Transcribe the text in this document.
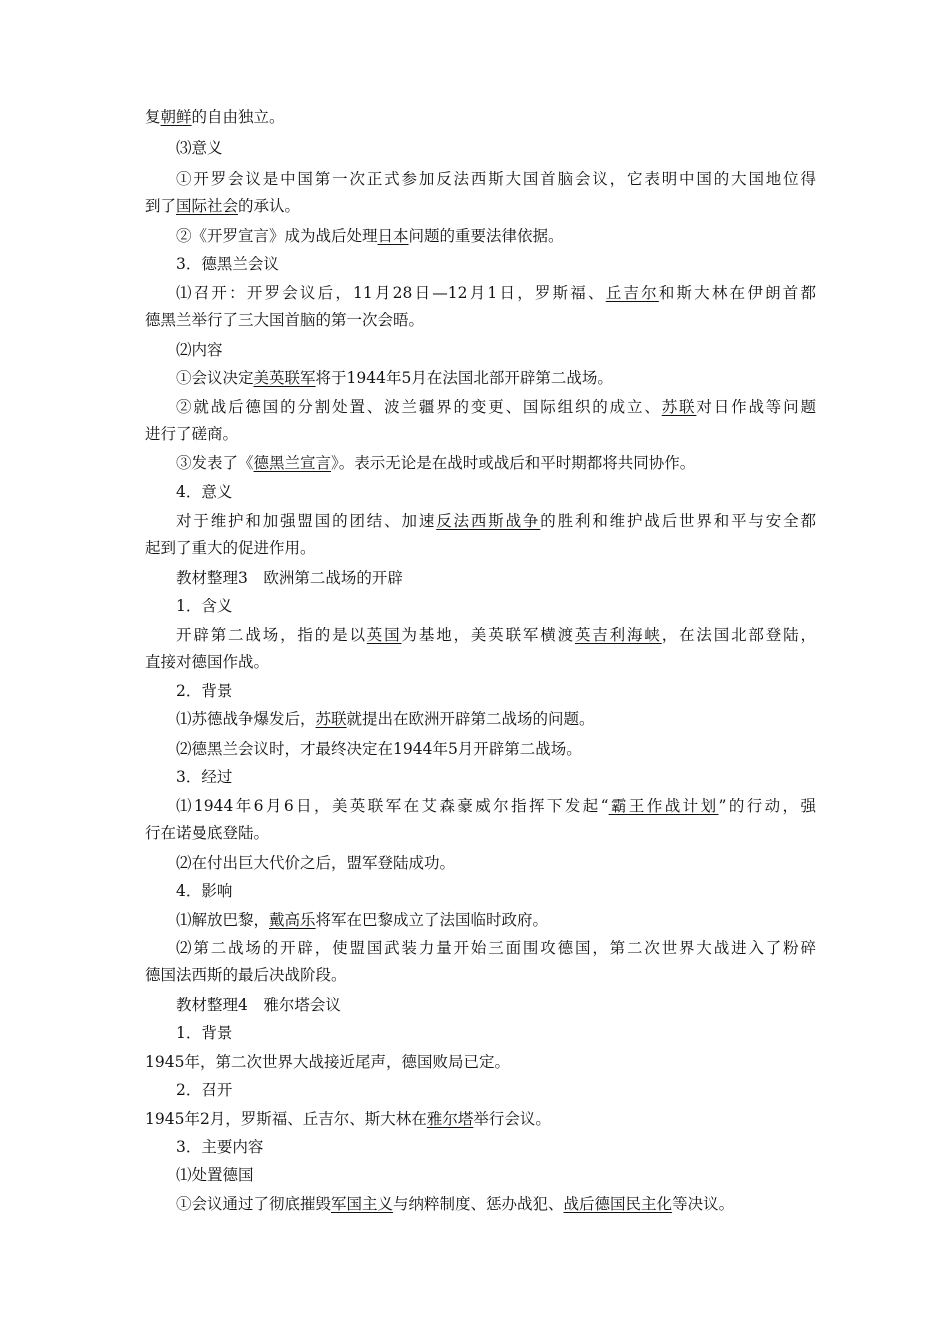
复朝鲜的自由独立。
⑶意义
①开罗会议是中国第一次正式参加反法西斯大国首脑会议，它表明中国的大国地位得
到了国际社会的承认。
②《开罗宣言》成为战后处理日本问题的重要法律依据。
3．德黑兰会议
⑴召开：开罗会议后，11月28日—12月1日，罗斯福、丘吉尔和斯大林在伊朗首都
德黑兰举行了三大国首脑的第一次会晤。
⑵内容
①会议决定美英联军将于1944年5月在法国北部开辟第二战场。
②就战后德国的分割处置、波兰疆界的变更、国际组织的成立、苏联对日作战等问题
进行了磋商。
③发表了《德黑兰宣言》。表示无论是在战时或战后和平时期都将共同协作。
4．意义
对于维护和加强盟国的团结、加速反法西斯战争的胜利和维护战后世界和平与安全都
起到了重大的促进作用。
教材整理3　欧洲第二战场的开辟
1．含义
开辟第二战场，指的是以英国为基地，美英联军横渡英吉利海峡，在法国北部登陆，
直接对德国作战。
2．背景
⑴苏德战争爆发后，苏联就提出在欧洲开辟第二战场的问题。
⑵德黑兰会议时，才最终决定在1944年5月开辟第二战场。
3．经过
⑴1944年6月6日，美英联军在艾森豪威尔指挥下发起“霸王作战计划”的行动，强
行在诺曼底登陆。
⑵在付出巨大代价之后，盟军登陆成功。
4．影响
⑴解放巴黎，戴高乐将军在巴黎成立了法国临时政府。
⑵第二战场的开辟，使盟国武装力量开始三面围攻德国，第二次世界大战进入了粉碎
德国法西斯的最后决战阶段。
教材整理4　雅尔塔会议
1．背景
1945年，第二次世界大战接近尾声，德国败局已定。
2．召开
1945年2月，罗斯福、丘吉尔、斯大林在雅尔塔举行会议。
3．主要内容
⑴处置德国
①会议通过了彻底摧毁军国主义与纳粹制度、惩办战犯、战后德国民主化等决议。
